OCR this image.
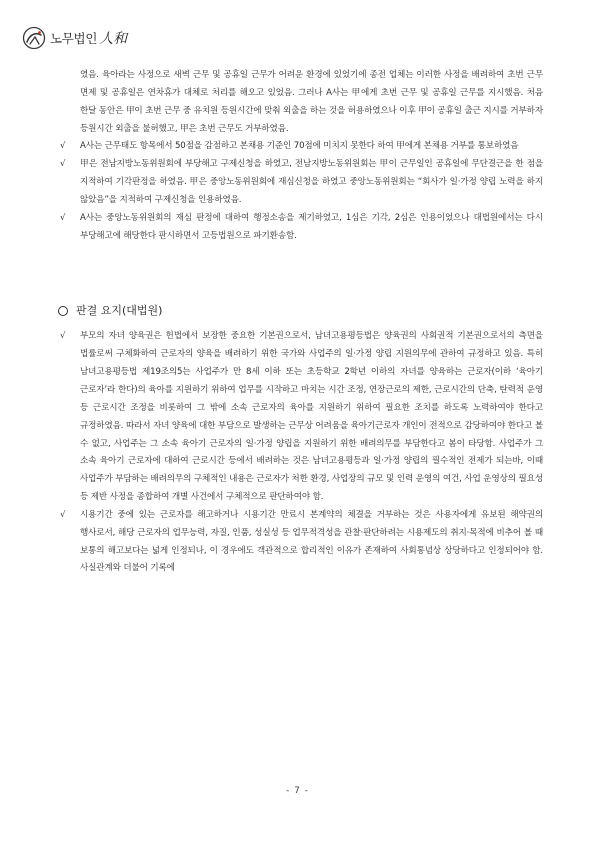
노무법인 人和

였음. 육아라는 사정으로 새벽 근무 및 공휴일 근무가 어려운 환경에 있었기에 종전 업체는 이러한 사정을 배려하여 초번 근무 면제 및 공휴일은 연차휴가 대체로 처리를 해오고 있었음. 그러나 A사는 甲에게 초번 근무 및 공휴일 근무를 지시했음. 처음 한달 동안은 甲이 초번 근무 중 유치원 등원시간에 맞춰 외출을 하는 것을 허용하였으나 이후 甲이 공휴일 출근 지시를 거부하자 등원시간 외출을 불허했고, 甲은 초번 근무도 거부하였음.

√ A사는 근무태도 항목에서 50점을 감점하고 본채용 기준인 70점에 미치지 못한다 하여 甲에게 본채용 거부를 통보하였음

√ 甲은 전남지방노동위원회에 부당해고 구제신청을 하였고, 전남지방노동위원회는 甲이 근무일인 공휴일에 무단결근을 한 점을 지적하여 기각판정을 하였음. 甲은 중앙노동위원회에 재심신청을 하였고 중앙노동위원회는 “회사가 일·가정 양립 노력을 하지 않았음”을 지적하여 구제신청을 인용하였음.

√ A사는 중앙노동위원회의 재심 판정에 대하여 행정소송을 제기하였고, 1심은 기각, 2심은 인용이었으나 대법원에서는 다시 부당해고에 해당한다 판시하면서 고등법원으로 파기환송함.

판결 요지(대법원)
√ 부모의 자녀 양육권은 헌법에서 보장한 중요한 기본권으로서, 남녀고용평등법은 양육권의 사회권적 기본권으로서의 측면을 법률로써 구체화하여 근로자의 양육을 배려하기 위한 국가와 사업주의 일·가정 양립 지원의무에 관하여 규정하고 있음. 특히 남녀고용평등법 제19조의5는 사업주가 만 8세 이하 또는 초등학교 2학년 이하의 자녀를 양육하는 근로자(이하 ‘육아기 근로자’라 한다)의 육아를 지원하기 위하여 업무를 시작하고 마치는 시간 조정, 연장근로의 제한, 근로시간의 단축, 탄력적 운영 등 근로시간 조정을 비롯하여 그 밖에 소속 근로자의 육아를 지원하기 위하여 필요한 조치를 하도록 노력하여야 한다고 규정하였음. 따라서 자녀 양육에 대한 부담으로 발생하는 근무상 어려움을 육아기근로자 개인이 전적으로 감당하여야 한다고 볼 수 없고, 사업주는 그 소속 육아기 근로자의 일·가정 양립을 지원하기 위한 배려의무를 부담한다고 봄이 타당함. 사업주가 그 소속 육아기 근로자에 대하여 근로시간 등에서 배려하는 것은 남녀고용평등과 일·가정 양립의 필수적인 전제가 되는바, 이때 사업주가 부담하는 배려의무의 구체적인 내용은 근로자가 처한 환경, 사업장의 규모 및 인력 운영의 여건, 사업 운영상의 필요성 등 제반 사정을 종합하여 개별 사건에서 구체적으로 판단하여야 함.

√ 시용기간 중에 있는 근로자를 해고하거나 시용기간 만료시 본계약의 체결을 거부하는 것은 사용자에게 유보된 해약권의 행사로서, 해당 근로자의 업무능력, 자질, 인품, 성실성 등 업무적격성을 관찰·판단하려는 시용제도의 취지·목적에 비추어 볼 때 보통의 해고보다는 넓게 인정되나, 이 경우에도 객관적으로 합리적인 이유가 존재하여 사회통념상 상당하다고 인정되어야 함. 사실관계와 더불어 기록에

- 7 -
